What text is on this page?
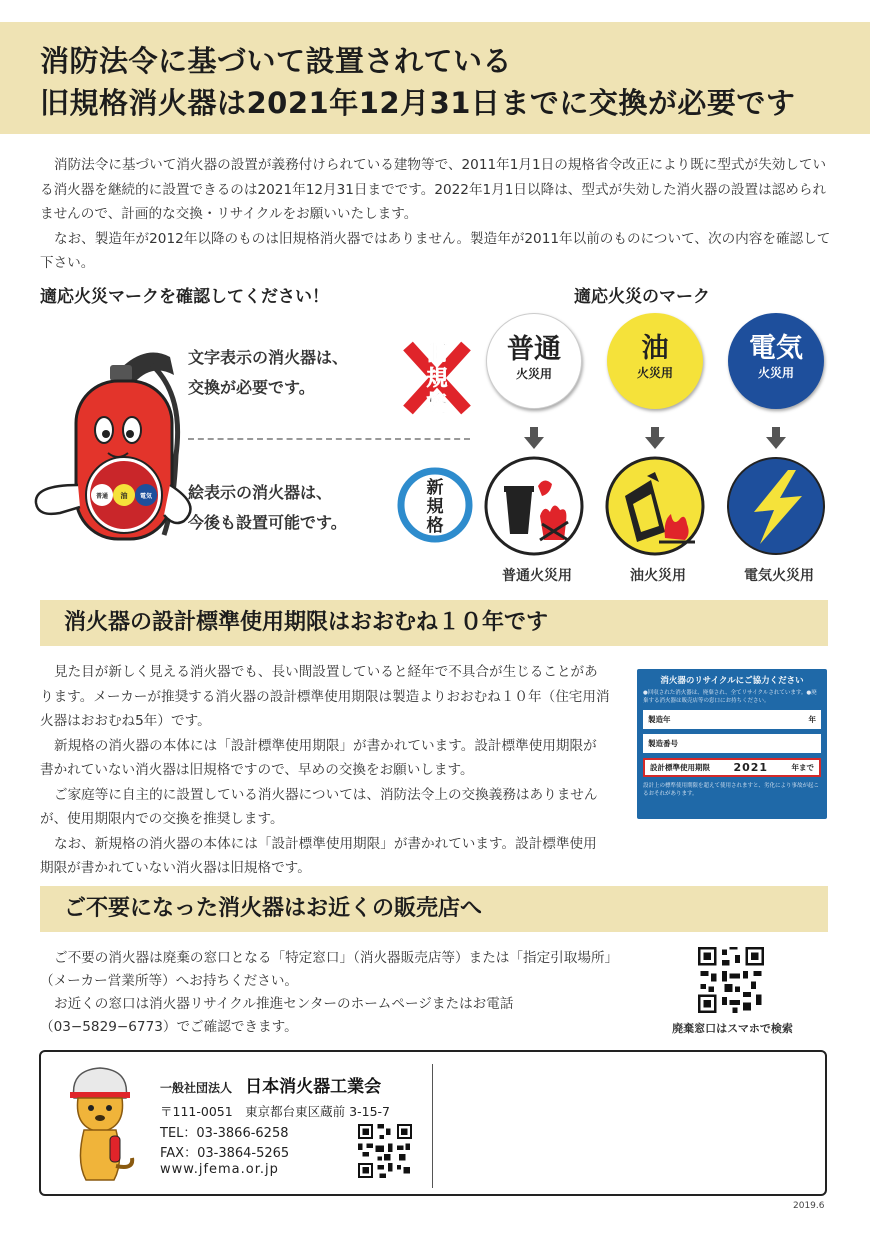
消防法令に基づいて設置されている
旧規格消火器は2021年12月31日までに交換が必要です

消防法令に基づいて消火器の設置が義務付けられている建物等で、2011年1月1日の規格省令改正により既に型式が失効している消火器を継続的に設置できるのは2021年12月31日までです。2022年1月1日以降は、型式が失効した消火器の設置は認められませんので、計画的な交換・リサイクルをお願いいたします。

なお、製造年が2012年以降のものは旧規格消火器ではありません。製造年が2011年以前のものについて、次の内容を確認して下さい。

適応火災マークを確認してください！	適応火災のマーク
普通 油 電気
文字表示の消火器は、
交換が必要です。
絵表示の消火器は、
今後も設置可能です。
旧
規
格
新
規
格
普通
火災用
油
火災用
電気
火災用
普通火災用	油火災用	電気火災用
消火器の設計標準使用期限はおおむね１０年です

見た目が新しく見える消火器でも、長い間設置していると経年で不具合が生じることがあります。メーカーが推奨する消火器の設計標準使用期限は製造よりおおむね１０年（住宅用消火器はおおむね5年）です。

新規格の消火器の本体には「設計標準使用期限」が書かれています。設計標準使用期限が書かれていない消火器は旧規格ですので、早めの交換をお願いします。

ご家庭等に自主的に設置している消火器については、消防法令上の交換義務はありませんが、使用期限内での交換を推奨します。

なお、新規格の消火器の本体には「設計標準使用期限」が書かれています。設計標準使用期限が書かれていない消火器は旧規格です。

消火器のリサイクルにご協力ください
●回収された消火器は、廃棄され、全てリサイクルされています。●廃棄する消火器は販売店等の窓口にお持ちください。
製造年	年
製造番号
設計標準使用期限 2021	年まで
設計上の標準使用期限を超えて使用されますと、劣化により事故が起こるおそれがあります。
ご不要になった消火器はお近くの販売店へ

ご不要の消火器は廃棄の窓口となる「特定窓口」（消火器販売店等）または「指定引取場所」（メーカー営業所等）へお持ちください。

お近くの窓口は消火器リサイクル推進センターのホームページまたはお電話（03−5829−6773）でご確認できます。	廃棄窓口はスマホで検索
一般社団法人 日本消火器工業会
〒111-0051　東京都台東区蔵前 3-15-7
TEL：03-3866-6258
FAX：03-3864-5265
www.jfema.or.jp
2019.6
